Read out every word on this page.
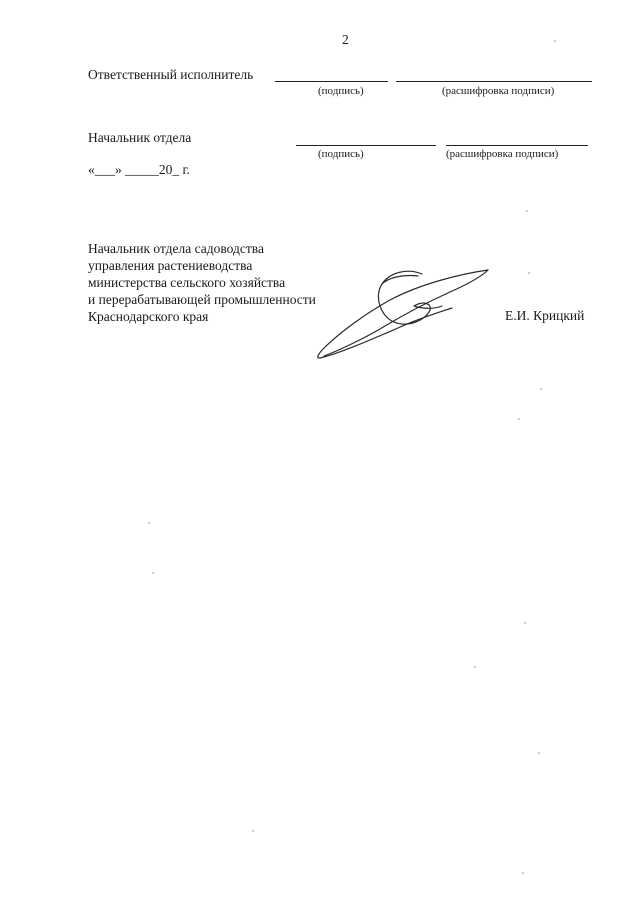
2
Ответственный исполнитель
(подпись)	(расшифровка подписи)
Начальник отдела
(подпись)	(расшифровка подписи)
«___» _____20_ г.
Начальник отдела садоводства
управления растениеводства
министерства сельского хозяйства
и перерабатывающей промышленности
Краснодарского края	Е.И. Крицкий
